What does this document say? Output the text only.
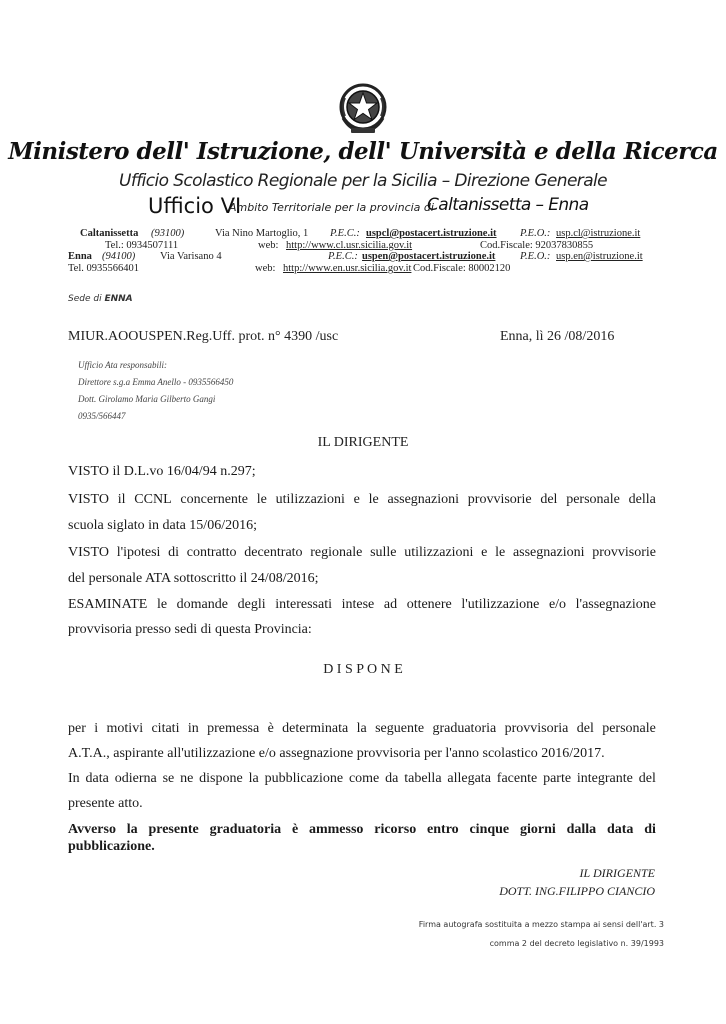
Ministero dell' Istruzione, dell' Università e della Ricerca
Ufficio Scolastico Regionale per la Sicilia – Direzione Generale
Ufficio VI
Ambito Territoriale per la provincia di
Caltanissetta – Enna
Caltanissetta (93100)	Via Nino Martoglio, 1 P.E.C.: uspcl@postacert.istruzione.it P.E.O.: usp.cl@istruzione.it
Tel.: 0934507111	web: http://www.cl.usr.sicilia.gov.it	Cod.Fiscale: 92037830855
Enna (94100) Via Varisano 4	P.E.C.: uspen@postacert.istruzione.it P.E.O.: usp.en@istruzione.it
Tel. 0935566401	web: http://www.en.usr.sicilia.gov.it Cod.Fiscale: 80002120
Sede di ENNA
MIUR.AOOUSPEN.Reg.Uff. prot. n° 4390 /usc	Enna, lì 26 /08/2016
Ufficio Ata responsabili:
Direttore s.g.a Emma Anello - 0935566450
Dott. Girolamo Maria Gilberto Gangi
0935/566447
IL DIRIGENTE
VISTO il D.L.vo 16/04/94 n.297;
VISTO il CCNL concernente le utilizzazioni e le assegnazioni provvisorie del personale della
scuola siglato in data 15/06/2016;
VISTO l'ipotesi di contratto decentrato regionale sulle utilizzazioni e le assegnazioni provvisorie
del personale ATA sottoscritto il 24/08/2016;
ESAMINATE le domande degli interessati intese ad ottenere l'utilizzazione e/o l'assegnazione
provvisoria presso sedi di questa Provincia:
D I S P O N E
per i motivi citati in premessa è determinata la seguente graduatoria provvisoria del personale
A.T.A., aspirante all'utilizzazione e/o assegnazione provvisoria per l'anno scolastico 2016/2017.
In data odierna se ne dispone la pubblicazione come da tabella allegata facente parte integrante del
presente atto.
Avverso la presente graduatoria è ammesso ricorso entro cinque giorni dalla data di
pubblicazione.
IL DIRIGENTE
DOTT. ING.FILIPPO CIANCIO
Firma autografa sostituita a mezzo stampa ai sensi dell'art. 3
comma 2 del decreto legislativo n. 39/1993
